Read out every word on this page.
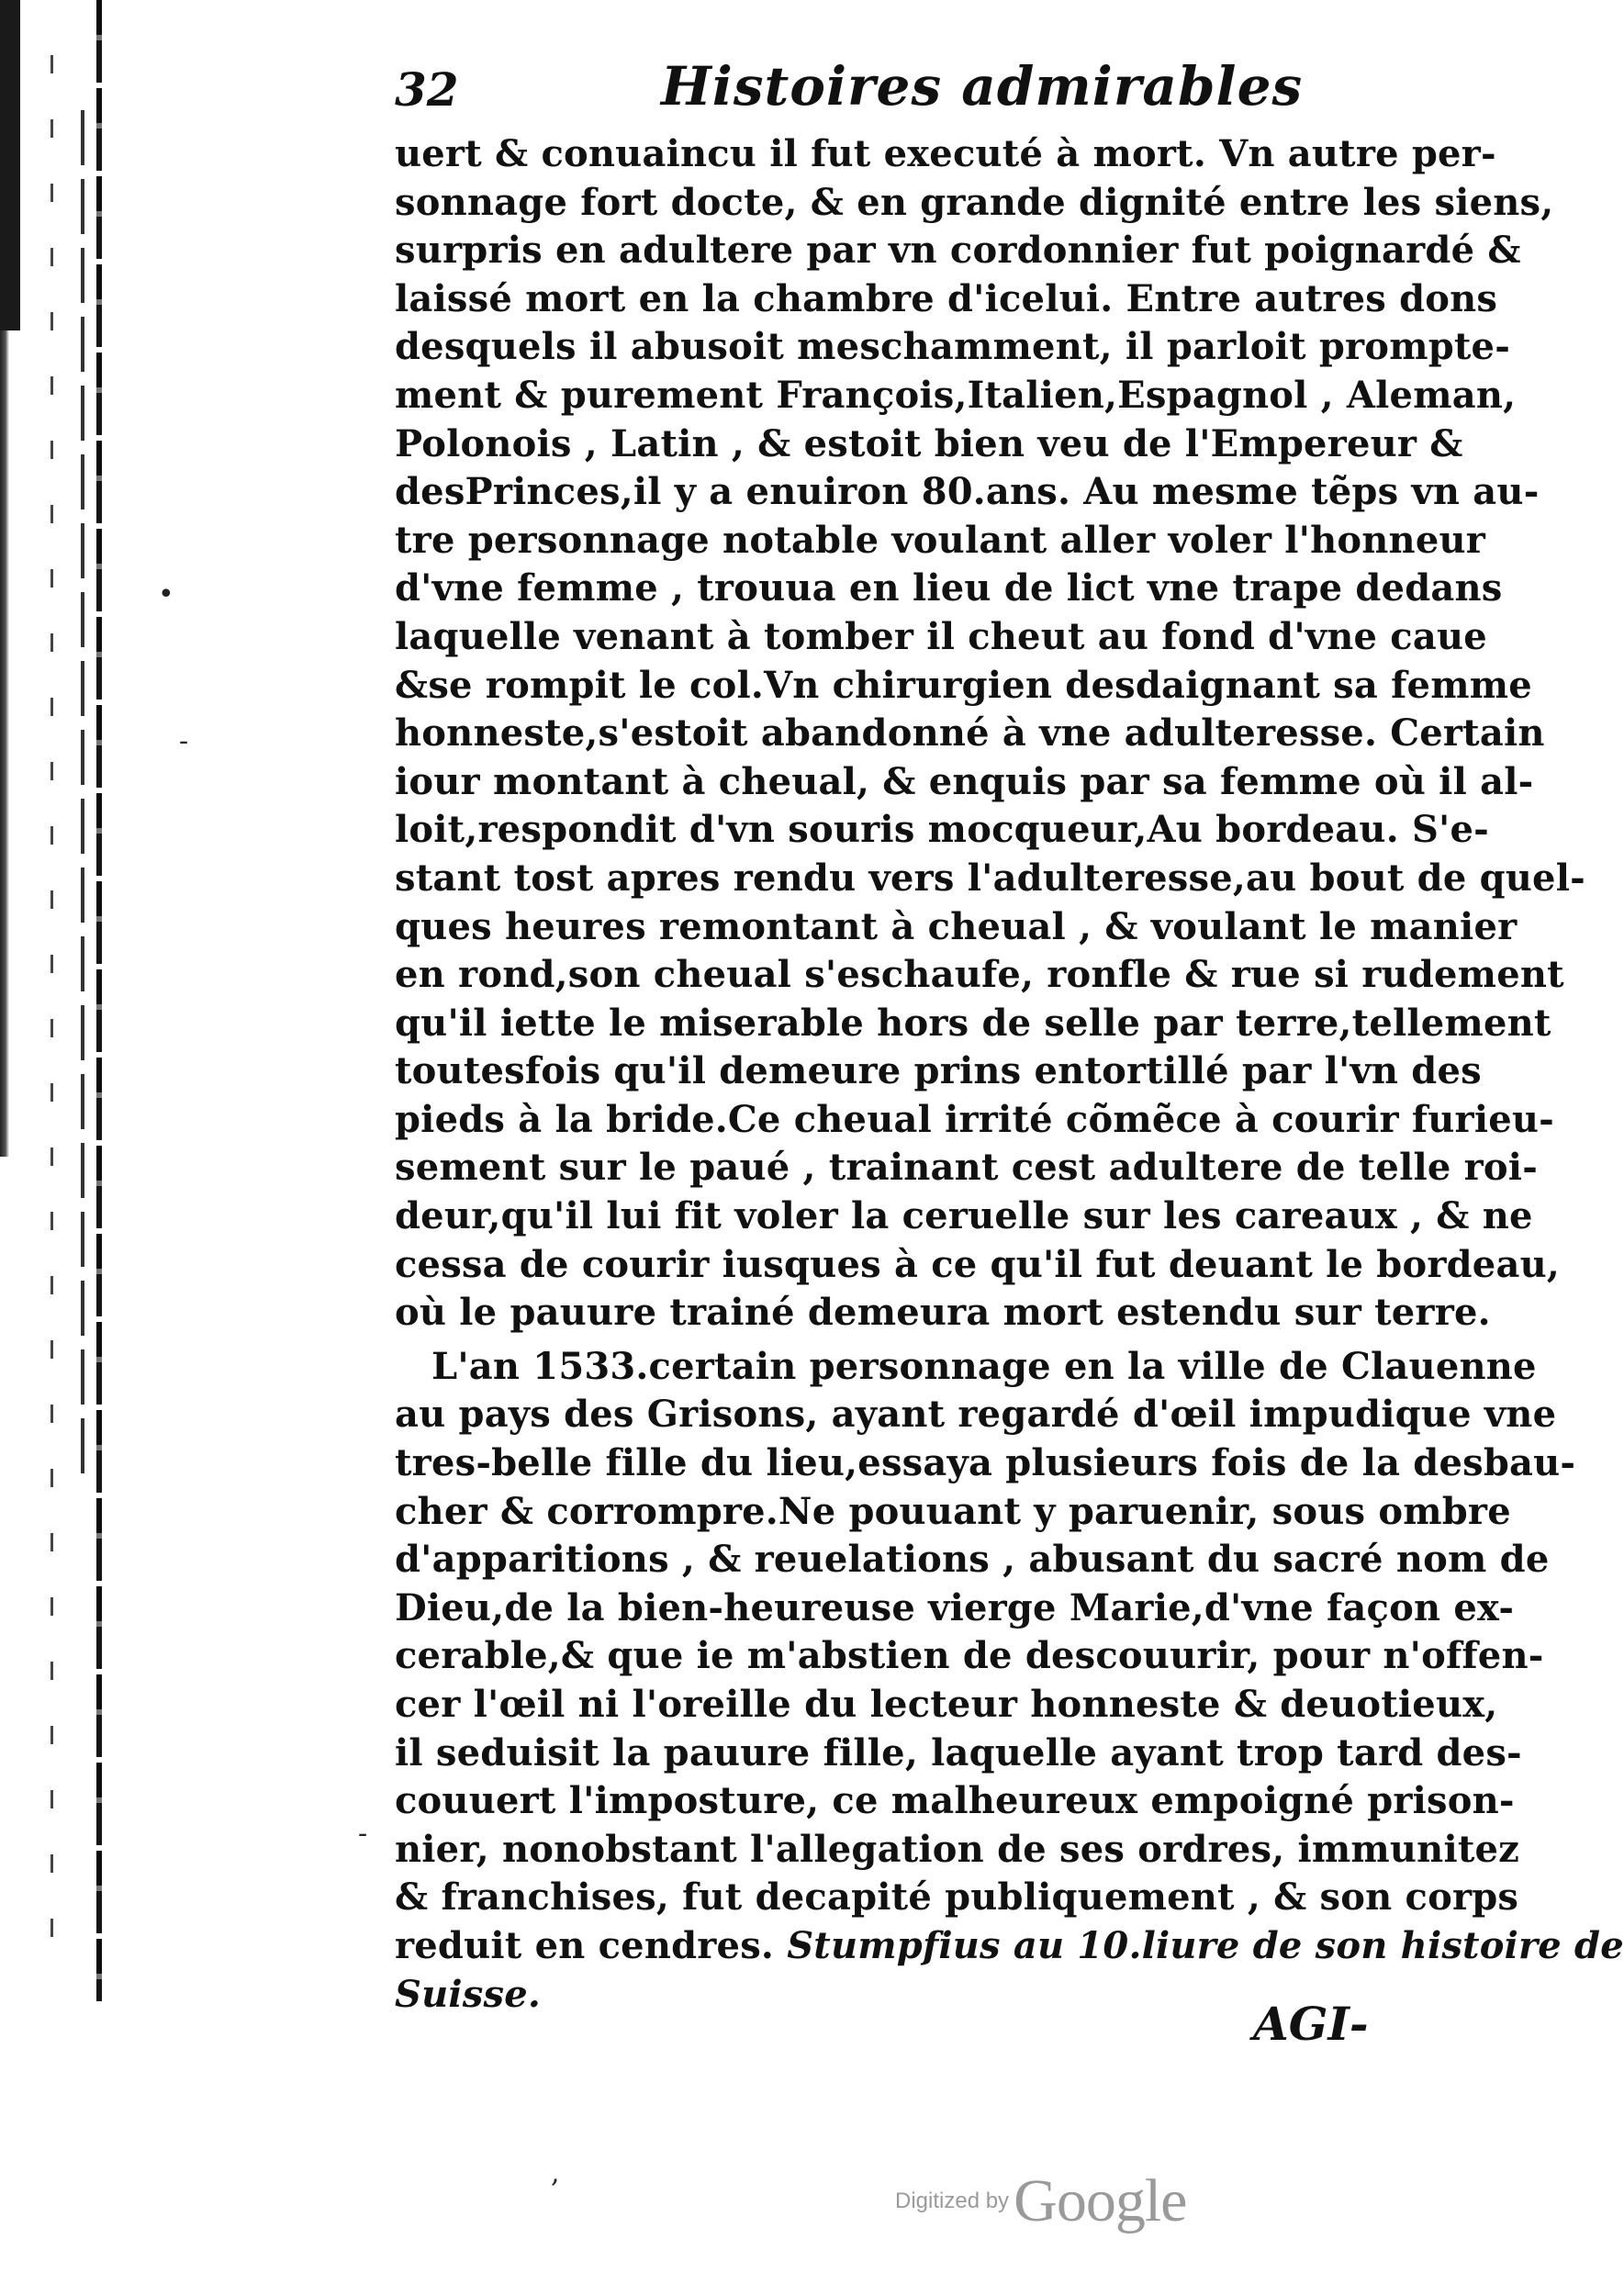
•
-
-
,
32	Histoires admirables
uert & conuaincu il fut executé à mort. Vn autre per-
sonnage fort docte, & en grande dignité entre les siens,
surpris en adultere par vn cordonnier fut poignardé &
laissé mort en la chambre d'icelui. Entre autres dons
desquels il abusoit meschamment, il parloit prompte-
ment & purement François,Italien,Espagnol , Aleman,
Polonois , Latin , & estoit bien veu de l'Empereur &
desPrinces,il y a enuiron 80.ans. Au mesme tẽps vn au-
tre personnage notable voulant aller voler l'honneur
d'vne femme , trouua en lieu de lict vne trape dedans
laquelle venant à tomber il cheut au fond d'vne caue
&se rompit le col.Vn chirurgien desdaignant sa femme
honneste,s'estoit abandonné à vne adulteresse. Certain
iour montant à cheual, & enquis par sa femme où il al-
loit,respondit d'vn souris mocqueur,Au bordeau. S'e-
stant tost apres rendu vers l'adulteresse,au bout de quel-
ques heures remontant à cheual , & voulant le manier
en rond,son cheual s'eschaufe, ronfle & rue si rudement
qu'il iette le miserable hors de selle par terre,tellement
toutesfois qu'il demeure prins entortillé par l'vn des
pieds à la bride.Ce cheual irrité cõmẽce à courir furieu-
sement sur le paué , trainant cest adultere de telle roi-
deur,qu'il lui fit voler la ceruelle sur les careaux , & ne
cessa de courir iusques à ce qu'il fut deuant le bordeau,
où le pauure trainé demeura mort estendu sur terre.
L'an 1533.certain personnage en la ville de Clauenne
au pays des Grisons, ayant regardé d'œil impudique vne
tres-belle fille du lieu,essaya plusieurs fois de la desbau-
cher & corrompre.Ne pouuant y paruenir, sous ombre
d'apparitions , & reuelations , abusant du sacré nom de
Dieu,de la bien-heureuse vierge Marie,d'vne façon ex-
cerable,& que ie m'abstien de descouurir, pour n'offen-
cer l'œil ni l'oreille du lecteur honneste & deuotieux,
il seduisit la pauure fille, laquelle ayant trop tard des-
couuert l'imposture, ce malheureux empoigné prison-
nier, nonobstant l'allegation de ses ordres, immunitez
& franchises, fut decapité publiquement , & son corps
reduit en cendres. Stumpfius au 10.liure de son histoire de
Suisse.
AGI-
Digitized by Google
